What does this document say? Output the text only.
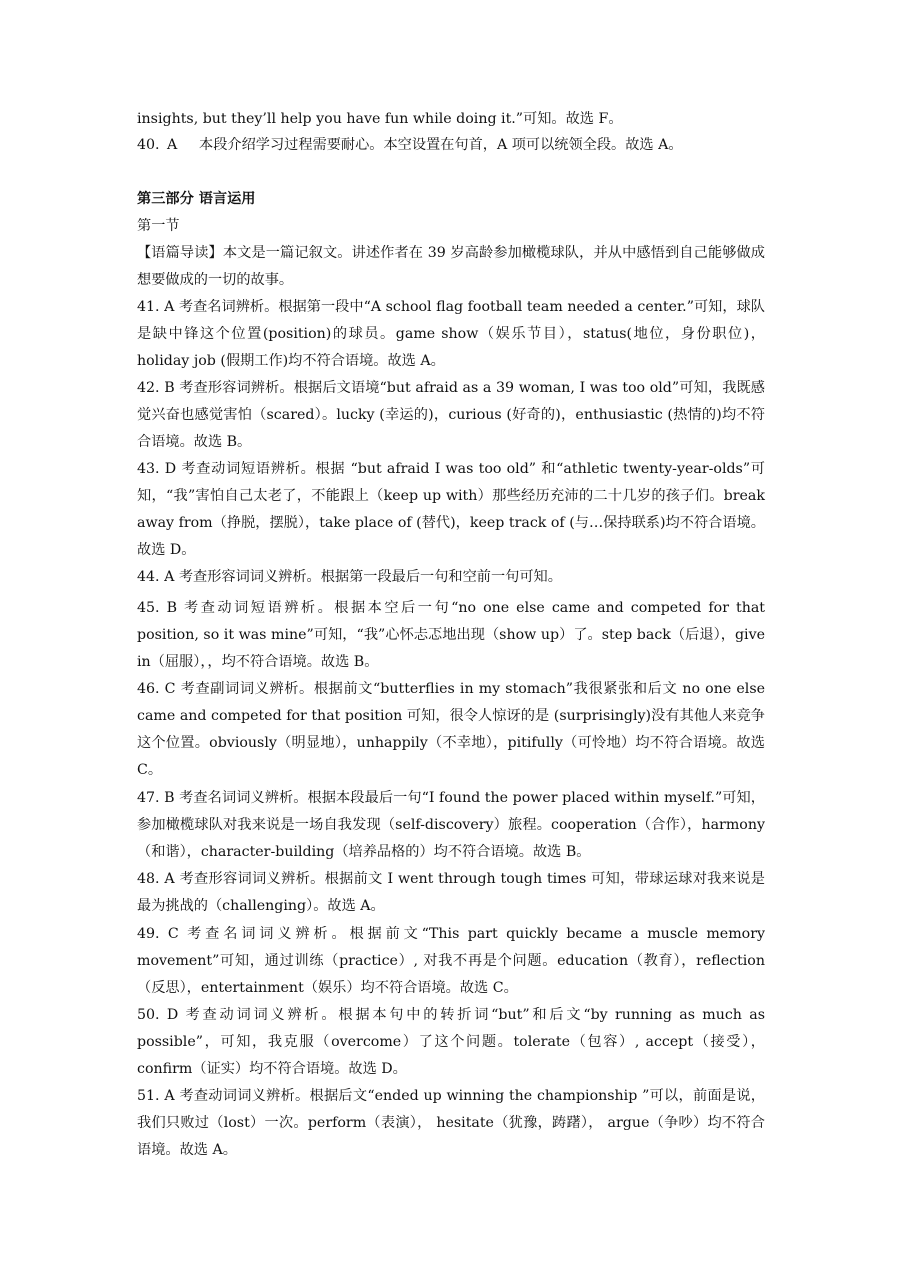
insights, but they’ll help you have fun while doing it.”可知。故选 F。

40. A 本段介绍学习过程需要耐心。本空设置在句首，A 项可以统领全段。故选 A。

第三部分 语言运用

第一节

【语篇导读】本文是一篇记叙文。讲述作者在 39 岁高龄参加橄榄球队，并从中感悟到自己能够做成想要做成的一切的故事。

41. A 考查名词辨析。根据第一段中“A school flag football team needed a center.”可知，球队是缺中锋这个位置(position)的球员。game show（娱乐节目），status(地位，身份职位)，holiday job (假期工作)均不符合语境。故选 A。

42. B 考查形容词辨析。根据后文语境“but afraid as a 39 woman, I was too old”可知，我既感觉兴奋也感觉害怕（scared）。lucky (幸运的)，curious (好奇的)，enthusiastic (热情的)均不符合语境。故选 B。

43. D 考查动词短语辨析。根据 “but afraid I was too old” 和“athletic twenty-year-olds”可知，“我”害怕自己太老了，不能跟上（keep up with）那些经历充沛的二十几岁的孩子们。break away from（挣脱，摆脱），take place of (替代)，keep track of (与…保持联系)均不符合语境。故选 D。

44. A 考查形容词词义辨析。根据第一段最后一句和空前一句可知。

45. B 考查动词短语辨析。根据本空后一句“no one else came and competed for that position, so it was mine”可知，“我”心怀忐忑地出现（show up）了。step back（后退），give in（屈服），，均不符合语境。故选 B。

46. C 考查副词词义辨析。根据前文“butterflies in my stomach”我很紧张和后文 no one else came and competed for that position 可知，很令人惊讶的是 (surprisingly)没有其他人来竞争这个位置。obviously（明显地），unhappily（不幸地），pitifully（可怜地）均不符合语境。故选 C。

47. B 考查名词词义辨析。根据本段最后一句“I found the power placed within myself.”可知，参加橄榄球队对我来说是一场自我发现（self-discovery）旅程。cooperation（合作），harmony（和谐），character-building（培养品格的）均不符合语境。故选 B。

48. A 考查形容词词义辨析。根据前文 I went through tough times 可知，带球运球对我来说是最为挑战的（challenging）。故选 A。

49. C 考查名词词义辨析。根据前文“This part quickly became a muscle memory movement”可知，通过训练（practice）, 对我不再是个问题。education（教育），reflection（反思），entertainment（娱乐）均不符合语境。故选 C。

50. D 考查动词词义辨析。根据本句中的转折词“but”和后文“by running as much as possible”，可知，我克服（overcome）了这个问题。tolerate（包容）, accept（接受），confirm（证实）均不符合语境。故选 D。

51. A 考查动词词义辨析。根据后文“ended up winning the championship ”可以，前面是说，我们只败过（lost）一次。perform（表演）， hesitate（犹豫，踌躇）， argue（争吵）均不符合语境。故选 A。
